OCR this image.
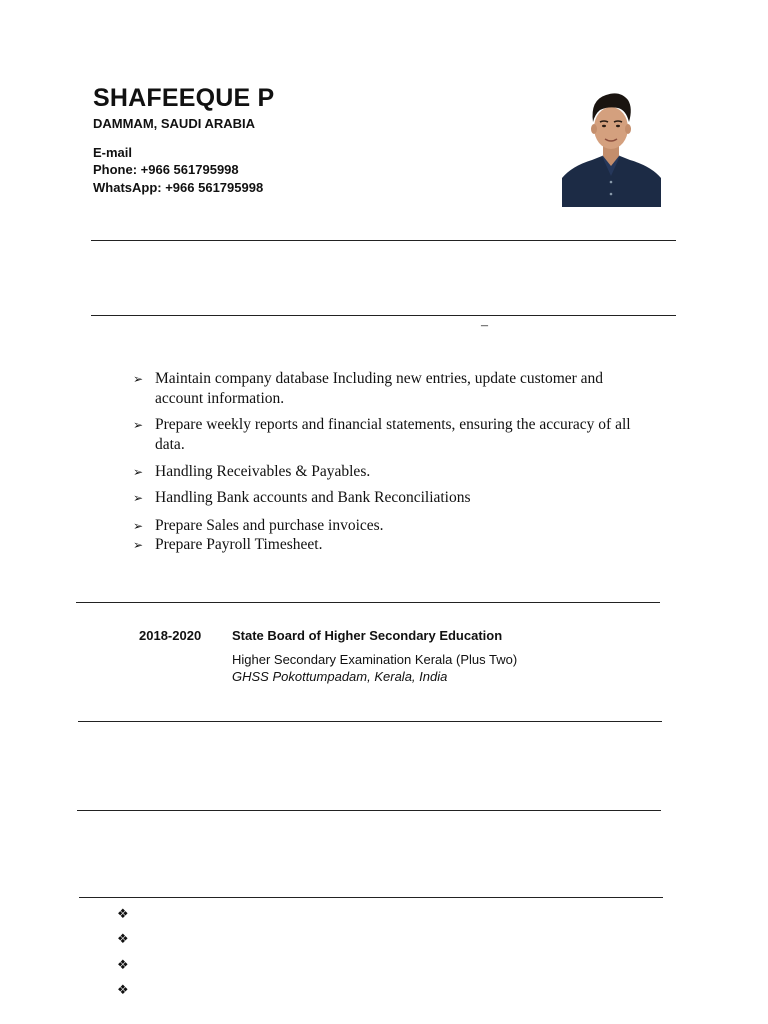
SHAFEEQUE P
DAMMAM, SAUDI ARABIA
E-mail
Phone: +966 561795998
WhatsApp: +966 561795998
–
➢ Maintain company database Including new entries, update customer and
account information.
➢ Prepare weekly reports and financial statements, ensuring the accuracy of all
data.
➢ Handling Receivables & Payables.
➢ Handling Bank accounts and Bank Reconciliations
➢ Prepare Sales and purchase invoices.
➢ Prepare Payroll Timesheet.
2018-2020 State Board of Higher Secondary Education
Higher Secondary Examination Kerala (Plus Two)
GHSS Pokottumpadam, Kerala, India
❖
❖
❖
❖
